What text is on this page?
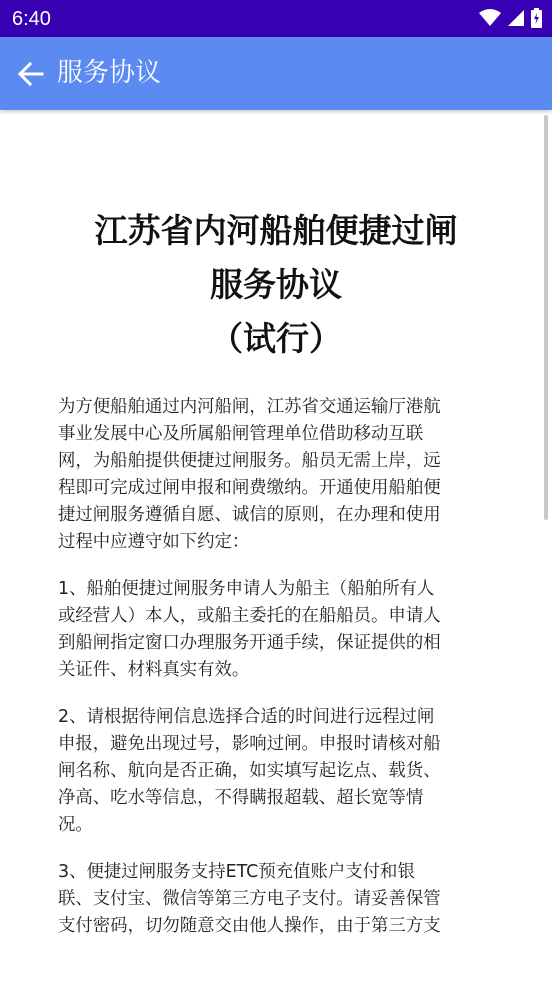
6:40
服务协议
江苏省内河船舶便捷过闸
服务协议
（试行）
为方便船舶通过内河船闸，江苏省交通运输厅港航
事业发展中心及所属船闸管理单位借助移动互联
网，为船舶提供便捷过闸服务。船员无需上岸，远
程即可完成过闸申报和闸费缴纳。开通使用船舶便
捷过闸服务遵循自愿、诚信的原则，在办理和使用
过程中应遵守如下约定：
1、船舶便捷过闸服务申请人为船主（船舶所有人
或经营人）本人，或船主委托的在船船员。申请人
到船闸指定窗口办理服务开通手续，保证提供的相
关证件、材料真实有效。
2、请根据待闸信息选择合适的时间进行远程过闸
申报，避免出现过号，影响过闸。申报时请核对船
闸名称、航向是否正确，如实填写起讫点、载货、
净高、吃水等信息，不得瞒报超载、超长宽等情
况。
3、便捷过闸服务支持ETC预充值账户支付和银
联、支付宝、微信等第三方电子支付。请妥善保管
支付密码，切勿随意交由他人操作，由于第三方支
